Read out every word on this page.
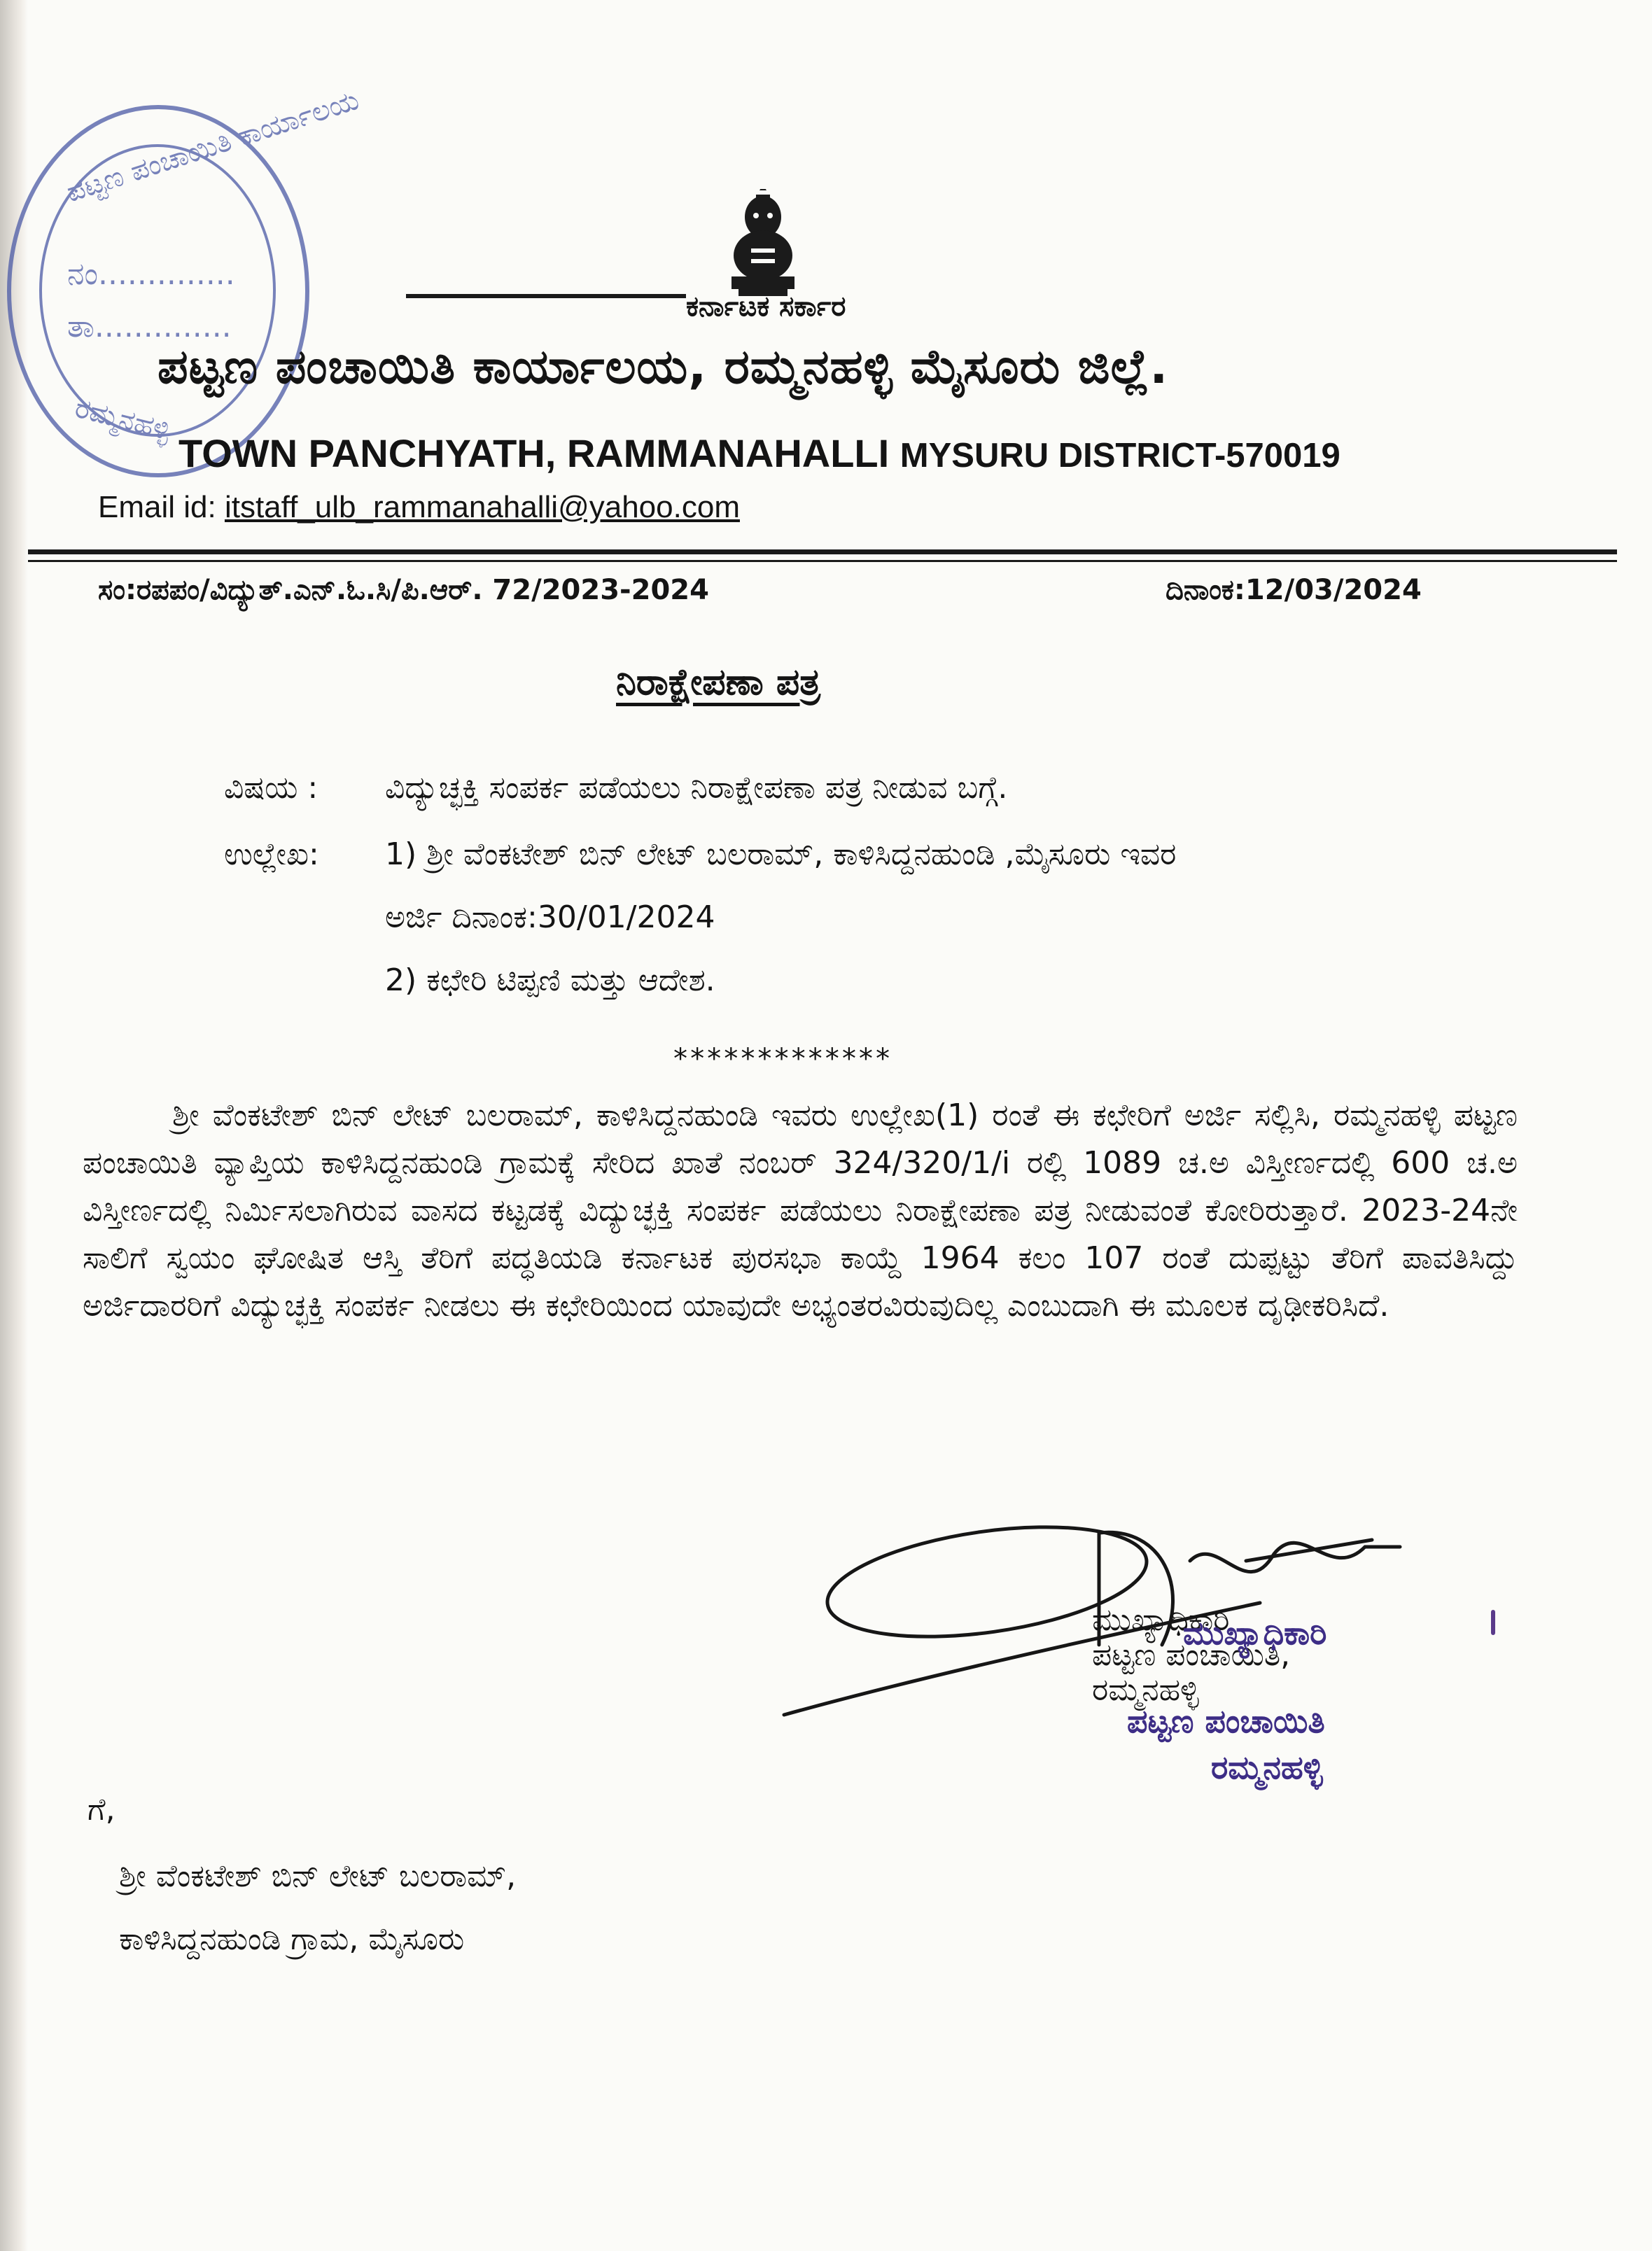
ಪಟ್ಟಣ ಪಂಚಾಯಿತಿ ಕಾರ್ಯಾಲಯ
ನಂ..............
ತಾ..............
ರಮ್ಮನಹಳ್ಳಿ
ಕರ್ನಾಟಕ ಸರ್ಕಾರ
ಪಟ್ಟಣ ಪಂಚಾಯಿತಿ ಕಾರ್ಯಾಲಯ, ರಮ್ಮನಹಳ್ಳಿ ಮೈಸೂರು ಜಿಲ್ಲೆ.
TOWN PANCHYATH, RAMMANAHALLI MYSURU DISTRICT-570019
Email id: itstaff_ulb_rammanahalli@yahoo.com
ಸಂ:ರಪಪಂ/ವಿದ್ಯುತ್.ಎನ್.ಓ.ಸಿ/ಪಿ.ಆರ್. 72/2023-2024	ದಿನಾಂಕ:12/03/2024
ನಿರಾಕ್ಷೇಪಣಾ ಪತ್ರ
ವಿಷಯ : ವಿದ್ಯುಚ್ಛಕ್ತಿ ಸಂಪರ್ಕ ಪಡೆಯಲು ನಿರಾಕ್ಷೇಪಣಾ ಪತ್ರ ನೀಡುವ ಬಗ್ಗೆ.
ಉಲ್ಲೇಖ: 1) ಶ್ರೀ ವೆಂಕಟೇಶ್ ಬಿನ್ ಲೇಟ್ ಬಲರಾಮ್, ಕಾಳಿಸಿದ್ದನಹುಂಡಿ ,ಮೈಸೂರು ಇವರ
ಅರ್ಜಿ ದಿನಾಂಕ:30/01/2024
2) ಕಛೇರಿ ಟಿಪ್ಪಣಿ ಮತ್ತು ಆದೇಶ.
*************
ಶ್ರೀ ವೆಂಕಟೇಶ್ ಬಿನ್ ಲೇಟ್ ಬಲರಾಮ್, ಕಾಳಿಸಿದ್ದನಹುಂಡಿ ಇವರು ಉಲ್ಲೇಖ(1) ರಂತೆ ಈ ಕಛೇರಿಗೆ ಅರ್ಜಿ ಸಲ್ಲಿಸಿ, ರಮ್ಮನಹಳ್ಳಿ ಪಟ್ಟಣ ಪಂಚಾಯಿತಿ ವ್ಯಾಪ್ತಿಯ ಕಾಳಿಸಿದ್ದನಹುಂಡಿ ಗ್ರಾಮಕ್ಕೆ ಸೇರಿದ ಖಾತೆ ನಂಬರ್ 324/320/1/i ರಲ್ಲಿ 1089 ಚ.ಅ ವಿಸ್ತೀರ್ಣದಲ್ಲಿ 600 ಚ.ಅ ವಿಸ್ತೀರ್ಣದಲ್ಲಿ ನಿರ್ಮಿಸಲಾಗಿರುವ ವಾಸದ ಕಟ್ಟಡಕ್ಕೆ ವಿದ್ಯುಚ್ಛಕ್ತಿ ಸಂಪರ್ಕ ಪಡೆಯಲು ನಿರಾಕ್ಷೇಪಣಾ ಪತ್ರ ನೀಡುವಂತೆ ಕೋರಿರುತ್ತಾರೆ. 2023-24ನೇ ಸಾಲಿಗೆ ಸ್ವಯಂ ಘೋಷಿತ ಆಸ್ತಿ ತೆರಿಗೆ ಪದ್ಧತಿಯಡಿ ಕರ್ನಾಟಕ ಪುರಸಭಾ ಕಾಯ್ದೆ 1964 ಕಲಂ 107 ರಂತೆ ದುಪ್ಪಟ್ಟು ತೆರಿಗೆ ಪಾವತಿಸಿದ್ದು ಅರ್ಜಿದಾರರಿಗೆ ವಿದ್ಯುಚ್ಛಕ್ತಿ ಸಂಪರ್ಕ ನೀಡಲು ಈ ಕಛೇರಿಯಿಂದ ಯಾವುದೇ ಅಭ್ಯಂತರವಿರುವುದಿಲ್ಲ ಎಂಬುದಾಗಿ ಈ ಮೂಲಕ ದೃಢೀಕರಿಸಿದೆ.
ಮುಖ್ಯಾಧಿಕಾರಿ
ಪಟ್ಟಣ ಪಂಚಾಯಿತಿ,
ರಮ್ಮನಹಳ್ಳಿ
ಮುಖ್ಯಾಧಿಕಾರಿ
ಪಟ್ಟಣ ಪಂಚಾಯಿತಿ
ರಮ್ಮನಹಳ್ಳಿ
ಗೆ,
ಶ್ರೀ ವೆಂಕಟೇಶ್ ಬಿನ್ ಲೇಟ್ ಬಲರಾಮ್,
ಕಾಳಿಸಿದ್ದನಹುಂಡಿ ಗ್ರಾಮ, ಮೈಸೂರು
